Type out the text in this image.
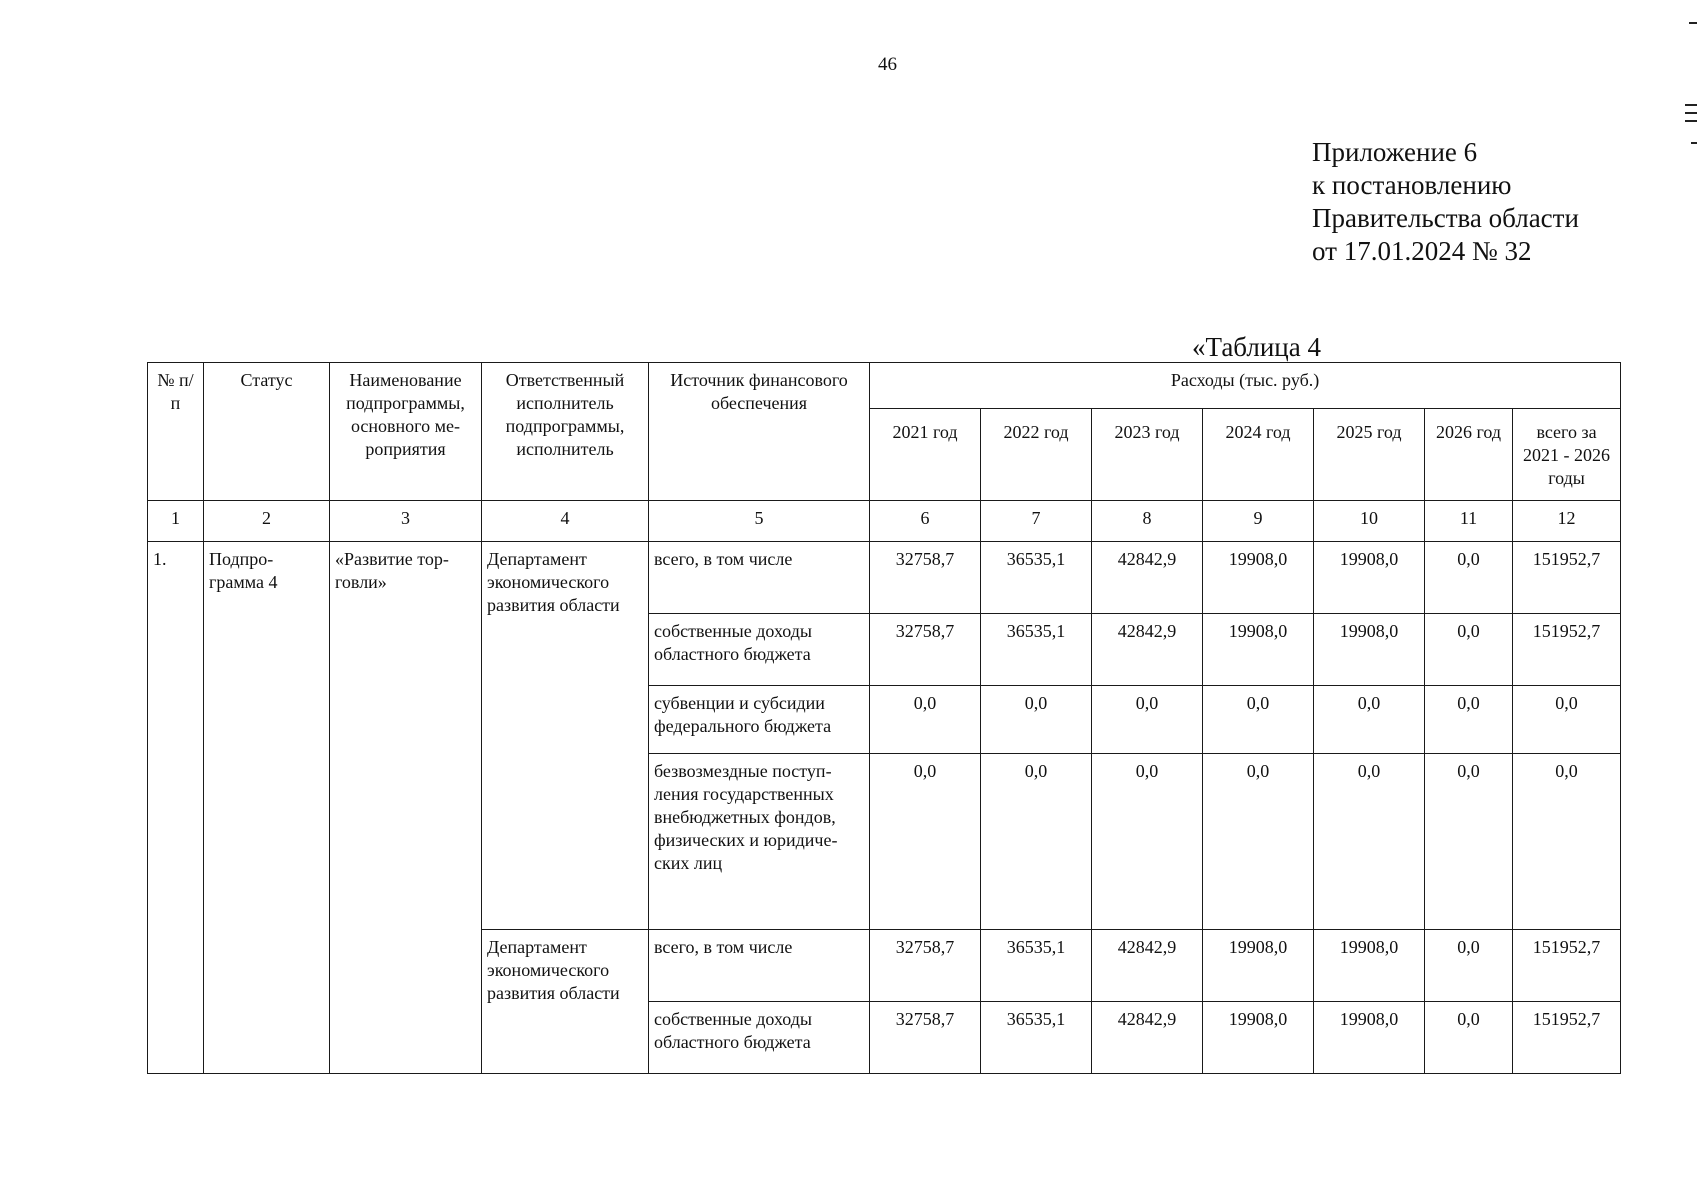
46
Приложение 6
к постановлению
Правительства области
от 17.01.2024 № 32
«Таблица 4
№ п/п	Статус	Наименование подпрограммы, основного ме-роприятия	Ответственный исполнитель подпрограммы, исполнитель	Источник финансового обеспечения	Расходы (тыс. руб.)						
					2021 год	2022 год	2023 год	2024 год	2025 год	2026 год	всего за 2021 - 2026 годы
1	2	3	4	5	6	7	8	9	10	11	12
1.	Подпро-грамма 4	«Развитие тор-говли»	Департамент экономического развития области	всего, в том числе	32758,7	36535,1	42842,9	19908,0	19908,0	0,0	151952,7
				собственные доходы областного бюджета	32758,7	36535,1	42842,9	19908,0	19908,0	0,0	151952,7
				субвенции и субсидии федерального бюджета	0,0	0,0	0,0	0,0	0,0	0,0	0,0
				безвозмездные поступ-ления государственных внебюджетных фондов, физических и юридиче-ских лиц	0,0	0,0	0,0	0,0	0,0	0,0	0,0
			Департамент экономического развития области	всего, в том числе	32758,7	36535,1	42842,9	19908,0	19908,0	0,0	151952,7
				собственные доходы областного бюджета	32758,7	36535,1	42842,9	19908,0	19908,0	0,0	151952,7
